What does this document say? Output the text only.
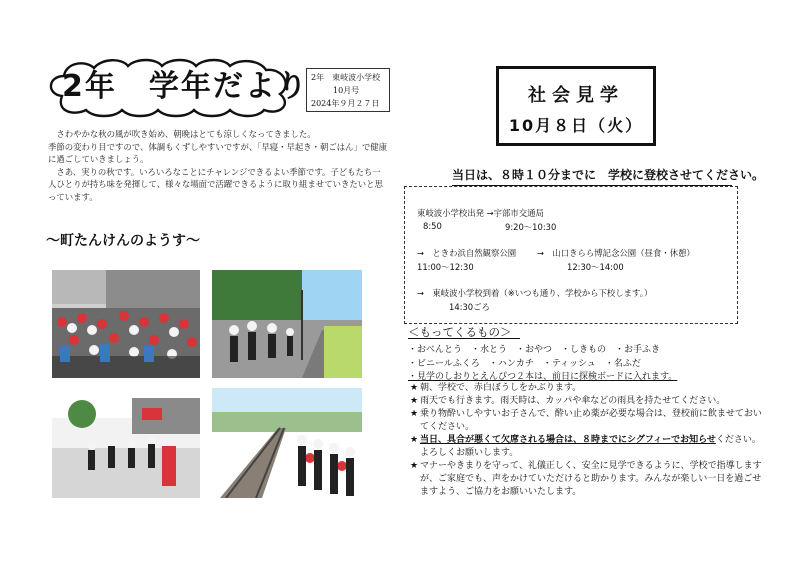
2年　学年だより 2年　東岐波小学校
10月号
2024年９月２７日

さわやかな秋の風が吹き始め、朝晩はとても涼しくなってきました。

季節の変わり目ですので、体調もくずしやすいですが、「早寝・早起き・朝ごはん」で健康に過ごしていきましょう。

さあ、実りの秋です。いろいろなことにチャレンジできるよい季節です。子どもたち一人ひとりが持ち味を発揮して、様々な場面で活躍できるように取り組ませていきたいと思っています。

～町たんけんのようす～
社会見学
10月８日（火）
当日は、８時１０分までに　学校に登校させてください。
東岐波小学校出発 →宇部市交通局
8:50	9:20～10:30
→　ときわ浜自然観察公園 →　山口きらら博記念公園（昼食・休憩）
11:00～12:30	12:30～14:00
→　東岐波小学校到着（※いつも通り、学校から下校します。）
14:30ごろ
＜もってくるもの＞
・おべんとう　・水とう　・おやつ　・しきもの　・お手ふき
・ビニールふくろ　・ハンカチ　・ティッシュ　・名ふだ
・見学のしおりとえんぴつ２本は、前日に探検ボードに入れます。
★ 朝、学校で、赤白ぼうしをかぶります。
★ 雨天でも行きます。雨天時は、カッパや傘などの雨具を持たせてください。
★ 乗り物酔いしやすいお子さんで、酔い止め薬が必要な場合は、登校前に飲ませておいてください。
★ 当日、具合が悪くて欠席される場合は、８時までにシグフィーでお知らせください。よろしくお願いします。
★ マナーやきまりを守って、礼儀正しく、安全に見学できるように、学校で指導しますが、ご家庭でも、声をかけていただけると助かります。みんなが楽しい一日を過ごせますよう、ご協力をお願いいたします。
